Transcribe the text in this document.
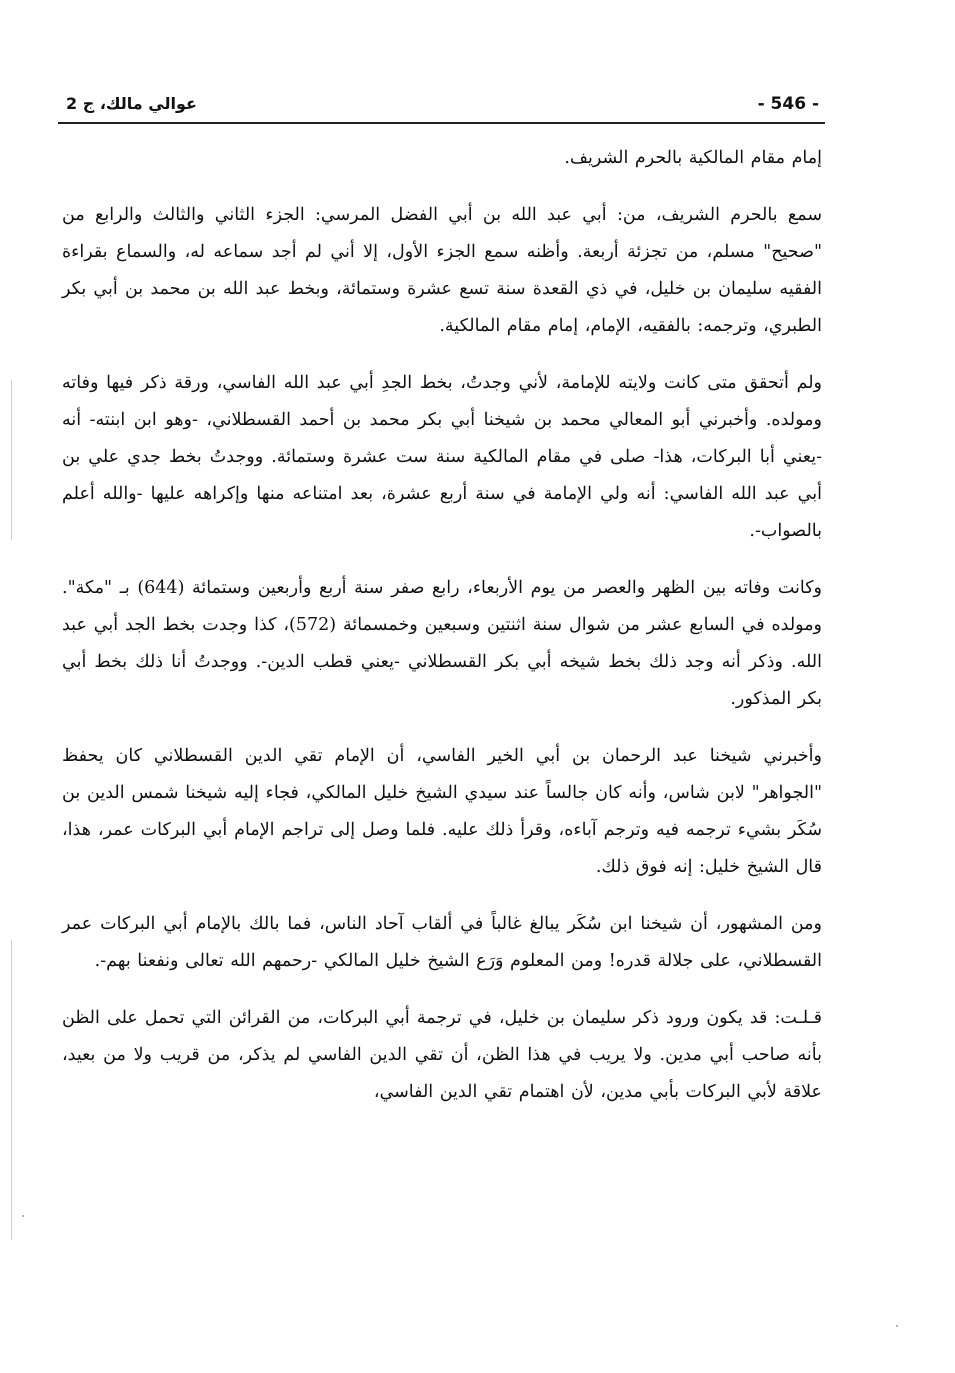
عوالي مالك، ج 2	- 546 -

إمام مقام المالكية بالحرم الشريف.

سمع بالحرم الشريف، من: أبي عبد الله بن أبي الفضل المرسي: الجزء الثاني والثالث والرابع من "صحيح" مسلم، من تجزئة أربعة. وأظنه سمع الجزء الأول، إلا أني لم أجد سماعه له، والسماع بقراءة الفقيه سليمان بن خليل، في ذي القعدة سنة تسع عشرة وستمائة، وبخط عبد الله بن محمد بن أبي بكر الطبري، وترجمه: بالفقيه، الإمام، إمام مقام المالكية.

ولم أتحقق متى كانت ولايته للإمامة، لأني وجدتُ، بخط الجدِ أبي عبد الله الفاسي، ورقة ذكر فيها وفاته ومولده. وأخبرني أبو المعالي محمد بن شيخنا أبي بكر محمد بن أحمد القسطلاني، -وهو ابن ابنته- أنه -يعني أبا البركات، هذا- صلى في مقام المالكية سنة ست عشرة وستمائة. ووجدتُ بخط جدي علي بن أبي عبد الله الفاسي: أنه ولي الإمامة في سنة أربع عشرة، بعد امتناعه منها وإكراهه عليها -والله أعلم بالصواب-.

وكانت وفاته بين الظهر والعصر من يوم الأربعاء، رابع صفر سنة أربع وأربعين وستمائة (644) بـ "مكة". ومولده في السابع عشر من شوال سنة اثنتين وسبعين وخمسمائة (572)، كذا وجدت بخط الجد أبي عبد الله. وذكر أنه وجد ذلك بخط شيخه أبي بكر القسطلاني -يعني قطب الدين-. ووجدتُ أنا ذلك بخط أبي بكر المذكور.

وأخبرني شيخنا عبد الرحمان بن أبي الخير الفاسي، أن الإمام تقي الدين القسطلاني كان يحفظ "الجواهر" لابن شاس، وأنه كان جالساً عند سيدي الشيخ خليل المالكي، فجاء إليه شيخنا شمس الدين بن سُكَر بشيء ترجمه فيه وترجم آباءه، وقرأ ذلك عليه. فلما وصل إلى تراجم الإمام أبي البركات عمر، هذا، قال الشيخ خليل: إنه فوق ذلك.

ومن المشهور، أن شيخنا ابن سُكَر يبالغ غالباً في ألقاب آحاد الناس، فما بالك بالإمام أبي البركات عمر القسطلاني، على جلالة قدره! ومن المعلوم وَرَع الشيخ خليل المالكي -رحمهم الله تعالى ونفعنا بهم-.

قـلـت: قد يكون ورود ذكر سليمان بن خليل، في ترجمة أبي البركات، من القرائن التي تحمل على الظن بأنه صاحب أبي مدين. ولا يريب في هذا الظن، أن تقي الدين الفاسي لم يذكر، من قريب ولا من بعيد، علاقة لأبي البركات بأبي مدين، لأن اهتمام تقي الدين الفاسي،
